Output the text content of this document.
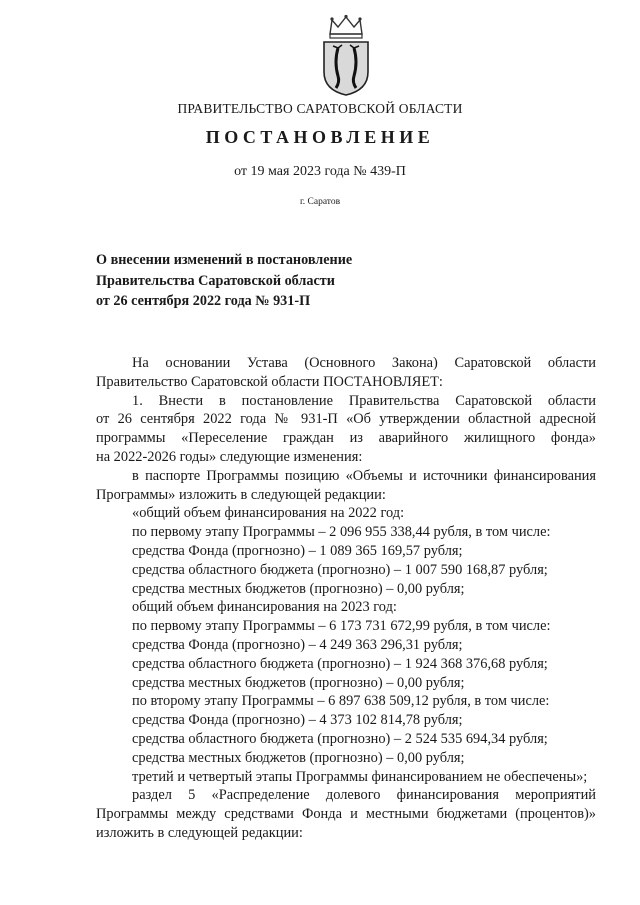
ПРАВИТЕЛЬСТВО САРАТОВСКОЙ ОБЛАСТИ
ПОСТАНОВЛЕНИЕ
от 19 мая 2023 года № 439-П
г. Саратов
О внесении изменений в постановление
Правительства Саратовской области
от 26 сентября 2022 года № 931-П

На основании Устава (Основного Закона) Саратовской области

Правительство Саратовской области ПОСТАНОВЛЯЕТ:

1. Внести в постановление Правительства Саратовской области

от 26 сентября 2022 года № 931-П «Об утверждении областной адресной

программы «Переселение граждан из аварийного жилищного фонда»

на 2022-2026 годы» следующие изменения:

в паспорте Программы позицию «Объемы и источники финансирования

Программы» изложить в следующей редакции:

«общий объем финансирования на 2022 год:

по первому этапу Программы – 2 096 955 338,44 рубля, в том числе:

средства Фонда (прогнозно) – 1 089 365 169,57 рубля;

средства областного бюджета (прогнозно) – 1 007 590 168,87 рубля;

средства местных бюджетов (прогнозно) – 0,00 рубля;

общий объем финансирования на 2023 год:

по первому этапу Программы – 6 173 731 672,99 рубля, в том числе:

средства Фонда (прогнозно) – 4 249 363 296,31 рубля;

средства областного бюджета (прогнозно) – 1 924 368 376,68 рубля;

средства местных бюджетов (прогнозно) – 0,00 рубля;

по второму этапу Программы – 6 897 638 509,12 рубля, в том числе:

средства Фонда (прогнозно) – 4 373 102 814,78 рубля;

средства областного бюджета (прогнозно) – 2 524 535 694,34 рубля;

средства местных бюджетов (прогнозно) – 0,00 рубля;

третий и четвертый этапы Программы финансированием не обеспечены»;

раздел 5 «Распределение долевого финансирования мероприятий

Программы между средствами Фонда и местными бюджетами (процентов)»

изложить в следующей редакции:
